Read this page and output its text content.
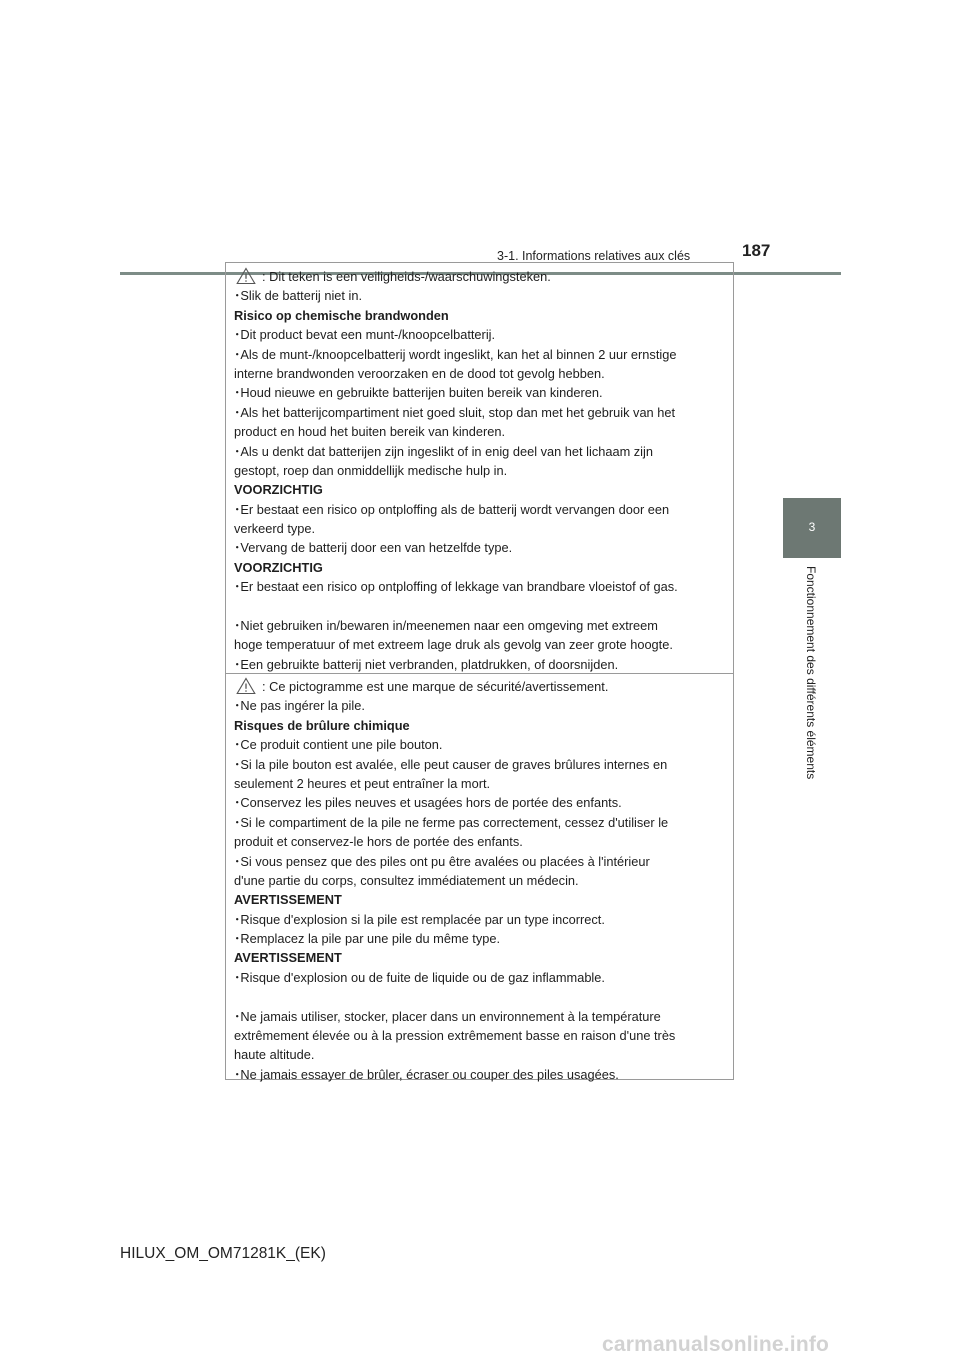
3-1. Informations relatives aux clés	187
3
Fonctionnement des différents éléments
: Dit teken is een veiligheids-/waarschuwingsteken.
･Slik de batterij niet in.
Risico op chemische brandwonden
･Dit product bevat een munt-/knoopcelbatterij.
･Als de munt-/knoopcelbatterij wordt ingeslikt, kan het al binnen 2 uur ernstige
interne brandwonden veroorzaken en de dood tot gevolg hebben.
･Houd nieuwe en gebruikte batterijen buiten bereik van kinderen.
･Als het batterijcompartiment niet goed sluit, stop dan met het gebruik van het
product en houd het buiten bereik van kinderen.
･Als u denkt dat batterijen zijn ingeslikt of in enig deel van het lichaam zijn
gestopt, roep dan onmiddellijk medische hulp in.
VOORZICHTIG
･Er bestaat een risico op ontploffing als de batterij wordt vervangen door een
verkeerd type.
･Vervang de batterij door een van hetzelfde type.
VOORZICHTIG
･Er bestaat een risico op ontploffing of lekkage van brandbare vloeistof of gas.
･Niet gebruiken in/bewaren in/meenemen naar een omgeving met extreem
hoge temperatuur of met extreem lage druk als gevolg van zeer grote hoogte.
･Een gebruikte batterij niet verbranden, platdrukken, of doorsnijden.
: Ce pictogramme est une marque de sécurité/avertissement.
･Ne pas ingérer la pile.
Risques de brûlure chimique
･Ce produit contient une pile bouton.
･Si la pile bouton est avalée, elle peut causer de graves brûlures internes en
seulement 2 heures et peut entraîner la mort.
･Conservez les piles neuves et usagées hors de portée des enfants.
･Si le compartiment de la pile ne ferme pas correctement, cessez d'utiliser le
produit et conservez-le hors de portée des enfants.
･Si vous pensez que des piles ont pu être avalées ou placées à l'intérieur
d'une partie du corps, consultez immédiatement un médecin.
AVERTISSEMENT
･Risque d'explosion si la pile est remplacée par un type incorrect.
･Remplacez la pile par une pile du même type.
AVERTISSEMENT
･Risque d'explosion ou de fuite de liquide ou de gaz inflammable.
･Ne jamais utiliser, stocker, placer dans un environnement à la température
extrêmement élevée ou à la pression extrêmement basse en raison d'une très
haute altitude.
･Ne jamais essayer de brûler, écraser ou couper des piles usagées.
HILUX_OM_OM71281K_(EK)
carmanualsonline.info
